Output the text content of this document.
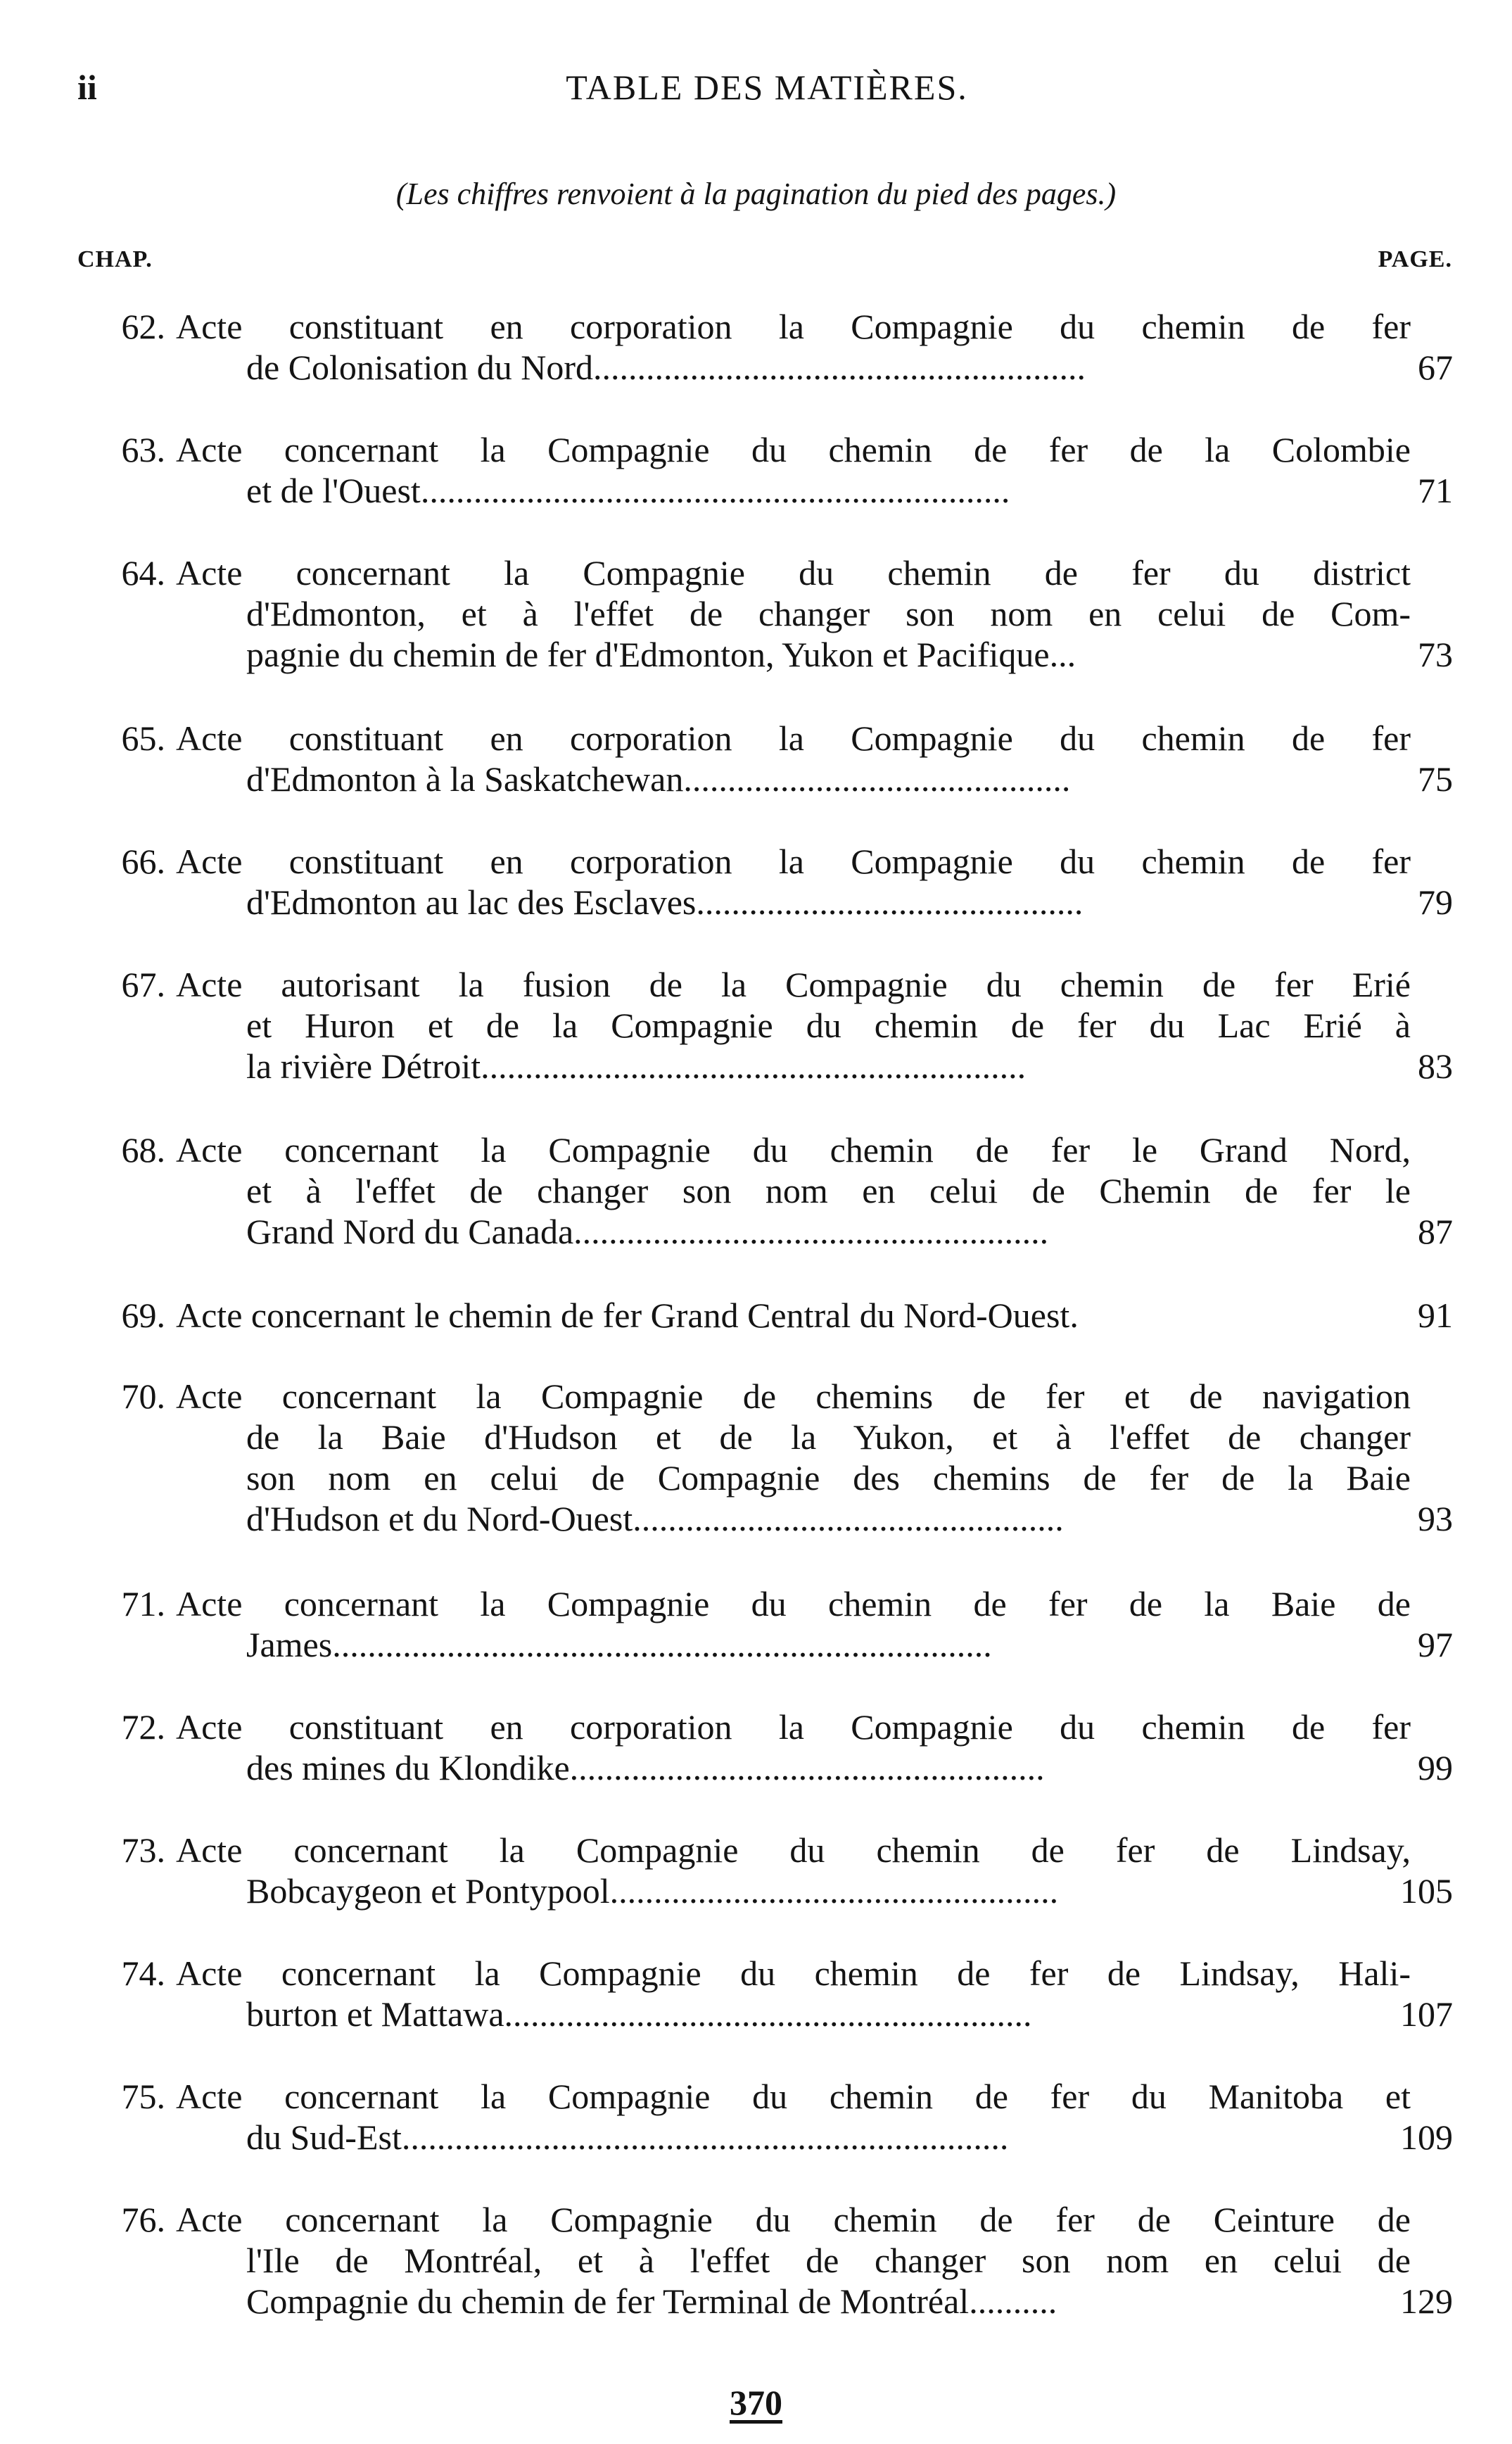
ii	TABLE DES MATIÈRES.
(Les chiffres renvoient à la pagination du pied des pages.)
CHAP.	PAGE.
62. Acte constituant en corporation la Compagnie du chemin de fer
de Colonisation du Nord........................................................	67
63. Acte concernant la Compagnie du chemin de fer de la Colombie
et de l'Ouest...................................................................	71
64. Acte concernant la Compagnie du chemin de fer du district
d'Edmonton, et à l'effet de changer son nom en celui de Com-
pagnie du chemin de fer d'Edmonton, Yukon et Pacifique...	73
65. Acte constituant en corporation la Compagnie du chemin de fer
d'Edmonton à la Saskatchewan............................................	75
66. Acte constituant en corporation la Compagnie du chemin de fer
d'Edmonton au lac des Esclaves............................................	79
67. Acte autorisant la fusion de la Compagnie du chemin de fer Erié
et Huron et de la Compagnie du chemin de fer du Lac Erié à
la rivière Détroit..............................................................	83
68. Acte concernant la Compagnie du chemin de fer le Grand Nord,
et à l'effet de changer son nom en celui de Chemin de fer le
Grand Nord du Canada......................................................	87
69. Acte concernant le chemin de fer Grand Central du Nord-Ouest.	91
70. Acte concernant la Compagnie de chemins de fer et de navigation
de la Baie d'Hudson et de la Yukon, et à l'effet de changer
son nom en celui de Compagnie des chemins de fer de la Baie
d'Hudson et du Nord-Ouest.................................................	93
71. Acte concernant la Compagnie du chemin de fer de la Baie de
James...........................................................................	97
72. Acte constituant en corporation la Compagnie du chemin de fer
des mines du Klondike......................................................	99
73. Acte concernant la Compagnie du chemin de fer de Lindsay,
Bobcaygeon et Pontypool...................................................	105
74. Acte concernant la Compagnie du chemin de fer de Lindsay, Hali-
burton et Mattawa............................................................	107
75. Acte concernant la Compagnie du chemin de fer du Manitoba et
du Sud-Est.....................................................................	109
76. Acte concernant la Compagnie du chemin de fer de Ceinture de
l'Ile de Montréal, et à l'effet de changer son nom en celui de
Compagnie du chemin de fer Terminal de Montréal..........	129
370
